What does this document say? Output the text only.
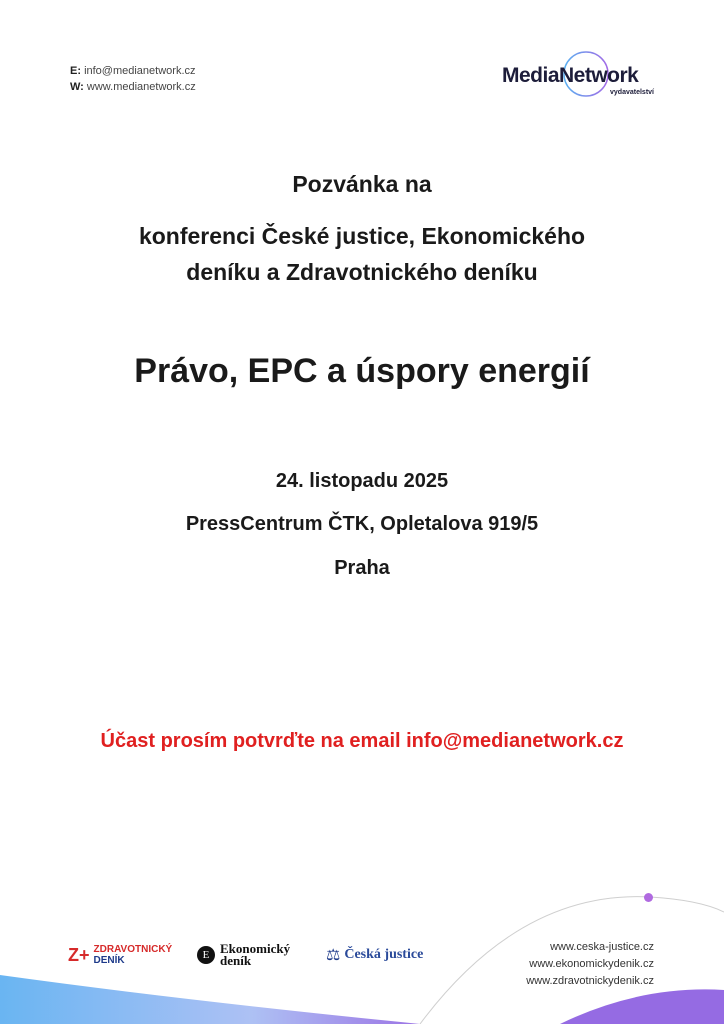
E: info@medianetwork.cz
W: www.medianetwork.cz	MediaNetwork
vydavatelství
Pozvánka na
konferenci České justice, Ekonomického
deníku a Zdravotnického deníku
Právo, EPC a úspory energií
24. listopadu 2025
PressCentrum ČTK, Opletalova 919/5
Praha
Účast prosím potvrďte na email info@medianetwork.cz
Z+ ZDRAVOTNICKÝ
DENÍK	E Ekonomický
deník	⚖ Česká justice	www.ceska-justice.cz
www.ekonomickydenik.cz
www.zdravotnickydenik.cz
